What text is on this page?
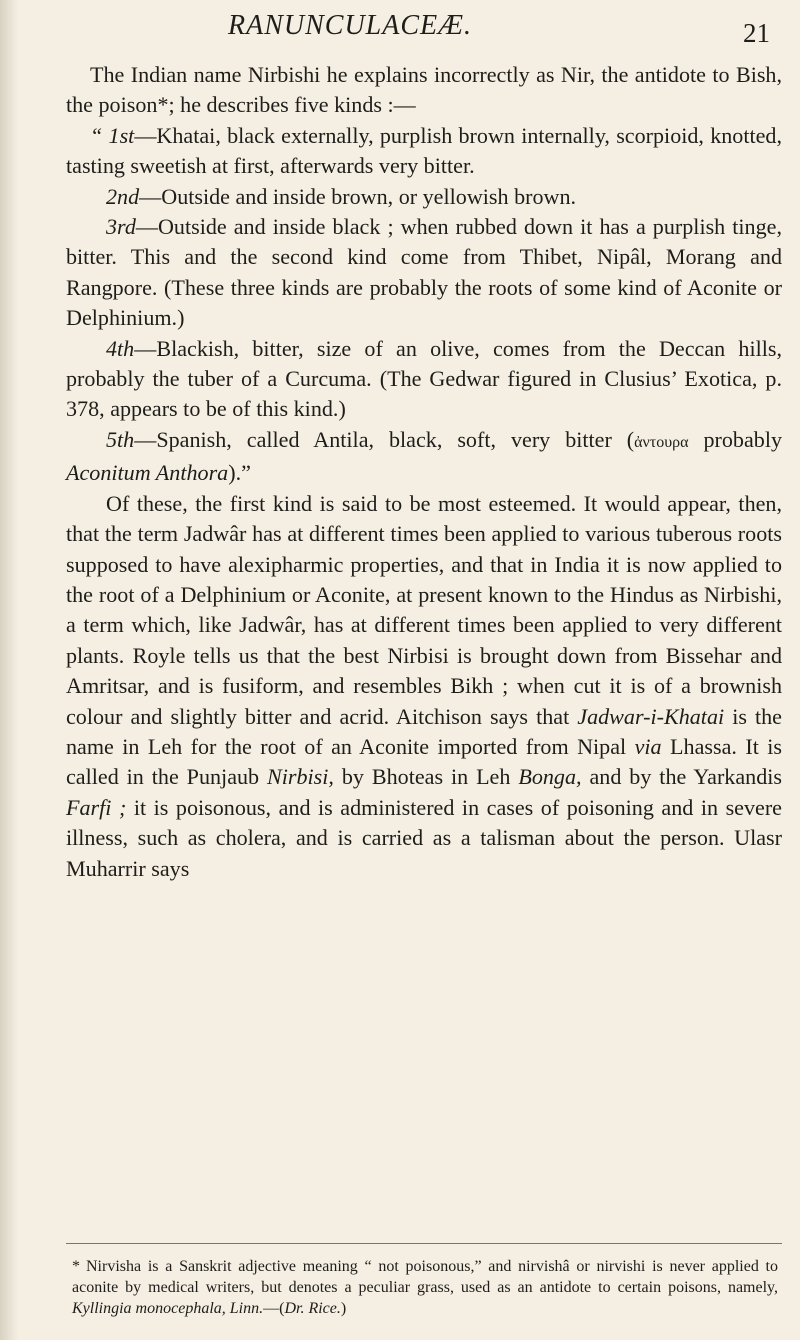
RANUNCULACEÆ.	21

The Indian name Nirbishi he explains incorrectly as Nir, the antidote to Bish, the poison*; he describes five kinds :—

“ 1st—Khatai, black externally, purplish brown internally, scorpioid, knotted, tasting sweetish at first, afterwards very bitter.

2nd—Outside and inside brown, or yellowish brown.

3rd—Outside and inside black ; when rubbed down it has a purplish tinge, bitter. This and the second kind come from Thibet, Nipâl, Morang and Rangpore. (These three kinds are probably the roots of some kind of Aconite or Delphinium.)

4th—Blackish, bitter, size of an olive, comes from the Deccan hills, probably the tuber of a Curcuma. (The Gedwar figured in Clusius’ Exotica, p. 378, appears to be of this kind.)

5th—Spanish, called Antila, black, soft, very bitter (ἀντουρα probably Aconitum Anthora).”

Of these, the first kind is said to be most esteemed. It would appear, then, that the term Jadwâr has at different times been applied to various tuberous roots supposed to have alexipharmic properties, and that in India it is now applied to the root of a Delphinium or Aconite, at present known to the Hindus as Nirbishi, a term which, like Jadwâr, has at different times been applied to very different plants. Royle tells us that the best Nirbisi is brought down from Bissehar and Amritsar, and is fusiform, and resembles Bikh ; when cut it is of a brownish colour and slightly bitter and acrid. Aitchison says that Jadwar-i-Khatai is the name in Leh for the root of an Aconite imported from Nipal via Lhassa. It is called in the Punjaub Nirbisi, by Bhoteas in Leh Bonga, and by the Yarkandis Farfi ; it is poisonous, and is administered in cases of poisoning and in severe illness, such as cholera, and is carried as a talisman about the person. Ulasr Muharrir says

* Nirvisha is a Sanskrit adjective meaning “ not poisonous,” and nirvishâ or nirvishi is never applied to aconite by medical writers, but denotes a peculiar grass, used as an antidote to certain poisons, namely, Kyllingia monocephala, Linn.—(Dr. Rice.)
